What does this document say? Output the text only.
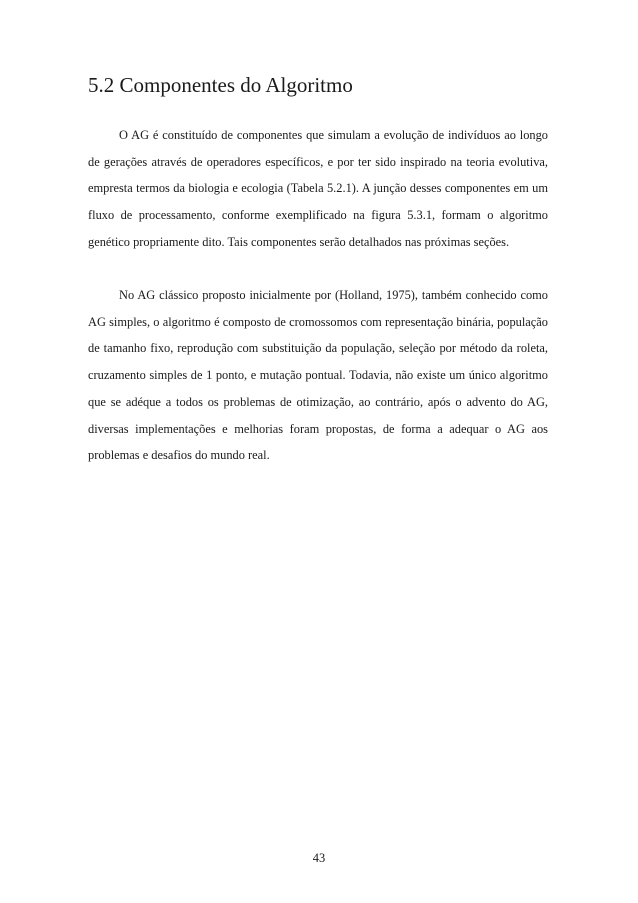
5.2 Componentes do Algoritmo

O AG é constituído de componentes que simulam a evolução de indivíduos ao longo de gerações através de operadores específicos, e por ter sido inspirado na teoria evolutiva, empresta termos da biologia e ecologia (Tabela 5.2.1). A junção desses componentes em um fluxo de processamento, conforme exemplificado na figura 5.3.1, formam o algoritmo genético propriamente dito. Tais componentes serão detalhados nas próximas seções.

No AG clássico proposto inicialmente por (Holland, 1975), também conhecido como AG simples, o algoritmo é composto de cromossomos com representação binária, população de tamanho fixo, reprodução com substituição da população, seleção por método da roleta, cruzamento simples de 1 ponto, e mutação pontual. Todavia, não existe um único algoritmo que se adéque a todos os problemas de otimização, ao contrário, após o advento do AG, diversas implementações e melhorias foram propostas, de forma a adequar o AG aos problemas e desafios do mundo real.

43
